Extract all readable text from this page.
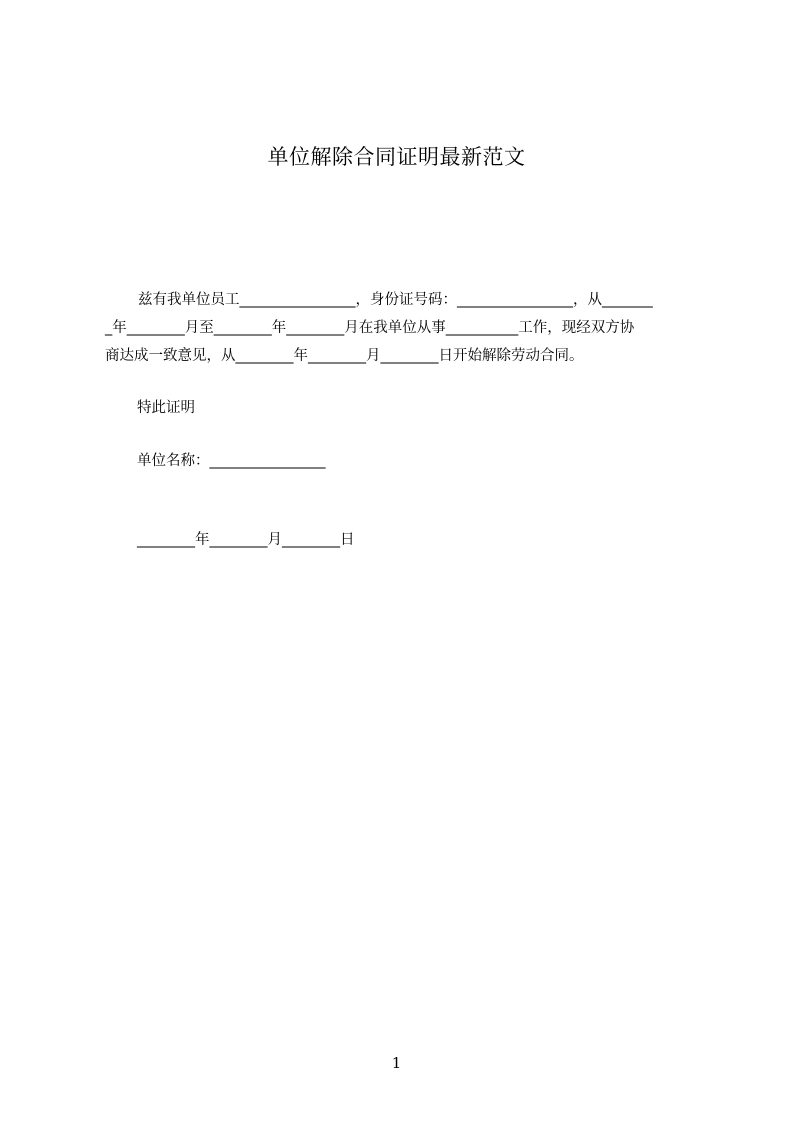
单位解除合同证明最新范文
兹有我单位员工________________，身份证号码：________________，从_______
_年________月至________年________月在我单位从事__________工作，现经双方协
商达成一致意见，从________年________月________日开始解除劳动合同。
特此证明
单位名称：________________
________年________月________日
1
